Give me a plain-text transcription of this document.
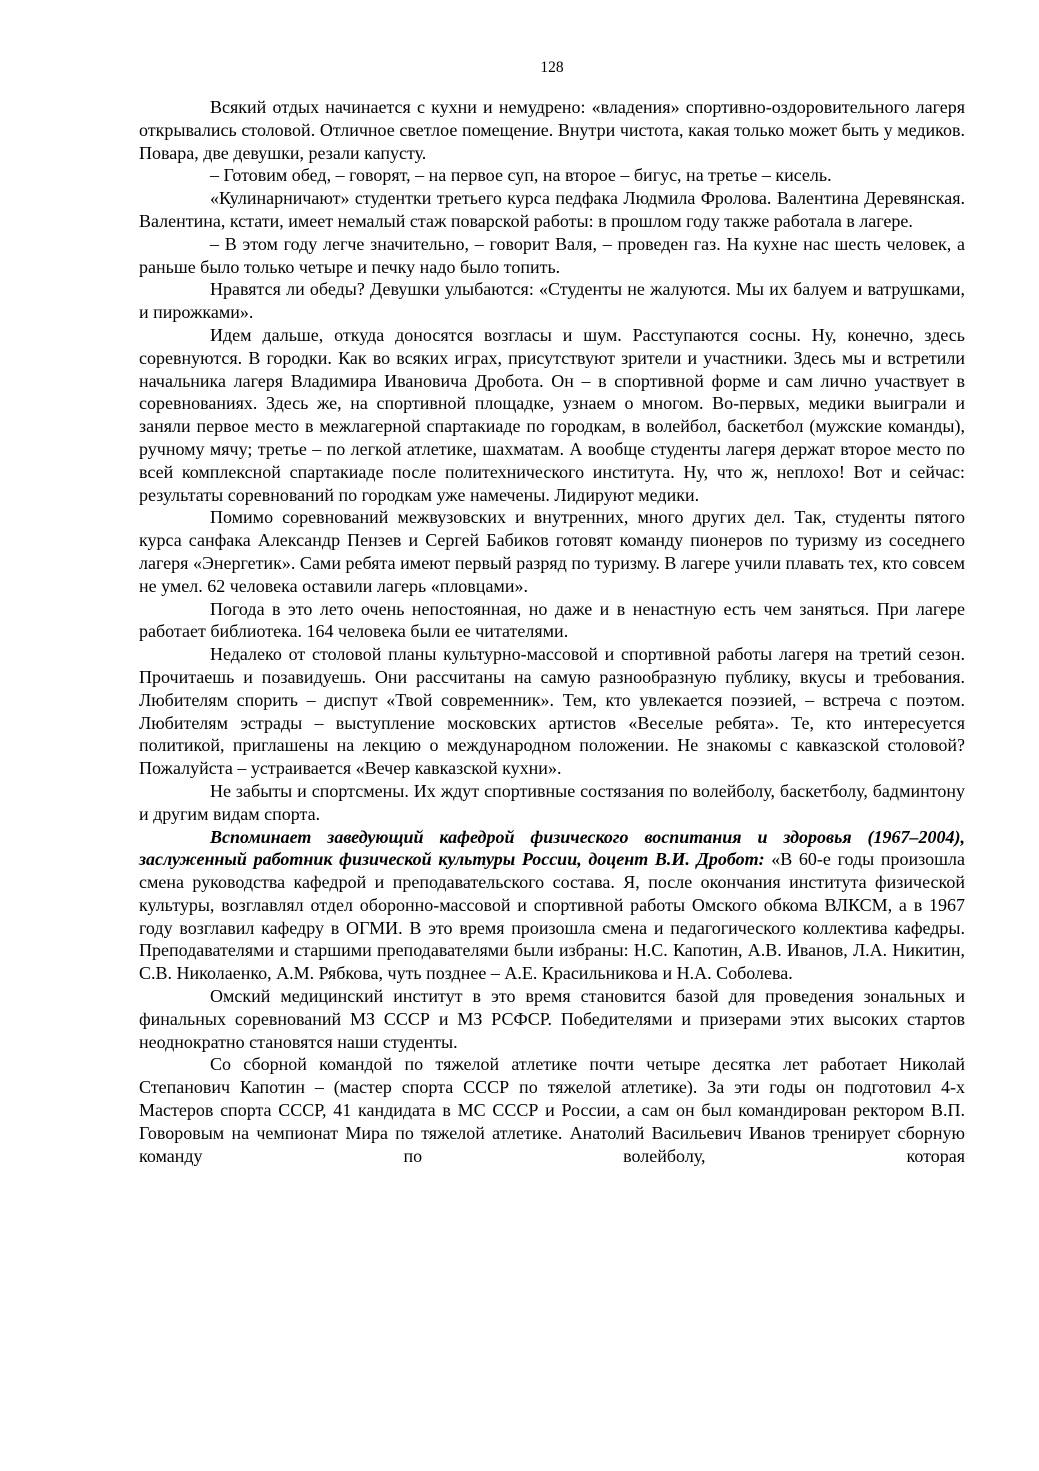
128

Всякий отдых начинается с кухни и немудрено: «владения» спортивно-оздоровительного лагеря открывались столовой. Отличное светлое помещение. Внутри чистота, какая только может быть у медиков. Повара, две девушки, резали капусту.

– Готовим обед, – говорят, – на первое суп, на второе – бигус, на третье – кисель.

«Кулинарничают» студентки третьего курса педфака Людмила Фролова. Валентина Деревянская. Валентина, кстати, имеет немалый стаж поварской работы: в прошлом году также работала в лагере.

– В этом году легче значительно, – говорит Валя, – проведен газ. На кухне нас шесть человек, а раньше было только четыре и печку надо было топить.

Нравятся ли обеды? Девушки улыбаются: «Студенты не жалуются. Мы их балуем и ватрушками, и пирожками».

Идем дальше, откуда доносятся возгласы и шум. Расступаются сосны. Ну, конечно, здесь соревнуются. В городки. Как во всяких играх, присутствуют зрители и участники. Здесь мы и встретили начальника лагеря Владимира Ивановича Дробота. Он – в спортивной форме и сам лично участвует в соревнованиях. Здесь же, на спортивной площадке, узнаем о многом. Во-первых, медики выиграли и заняли первое место в межлагерной спартакиаде по городкам, в волейбол, баскетбол (мужские команды), ручному мячу; третье – по легкой атлетике, шахматам. А вообще студенты лагеря держат второе место по всей комплексной спартакиаде после политехнического института. Ну, что ж, неплохо! Вот и сейчас: результаты соревнований по городкам уже намечены. Лидируют медики.

Помимо соревнований межвузовских и внутренних, много других дел. Так, студенты пятого курса санфака Александр Пензев и Сергей Бабиков готовят команду пионеров по туризму из соседнего лагеря «Энергетик». Сами ребята имеют первый разряд по туризму. В лагере учили плавать тех, кто совсем не умел. 62 человека оставили лагерь «пловцами».

Погода в это лето очень непостоянная, но даже и в ненастную есть чем заняться. При лагере работает библиотека. 164 человека были ее читателями.

Недалеко от столовой планы культурно-массовой и спортивной работы лагеря на третий сезон. Прочитаешь и позавидуешь. Они рассчитаны на самую разнообразную публику, вкусы и требования. Любителям спорить – диспут «Твой современник». Тем, кто увлекается поэзией, – встреча с поэтом. Любителям эстрады – выступление московских артистов «Веселые ребята». Те, кто интересуется политикой, приглашены на лекцию о международном положении. Не знакомы с кавказской столовой? Пожалуйста – устраивается «Вечер кавказской кухни».

Не забыты и спортсмены. Их ждут спортивные состязания по волейболу, баскетболу, бадминтону и другим видам спорта.

Вспоминает заведующий кафедрой физического воспитания и здоровья (1967–2004), заслуженный работник физической культуры России, доцент В.И. Дробот: «В 60-е годы произошла смена руководства кафедрой и преподавательского состава. Я, после окончания института физической культуры, возглавлял отдел оборонно-массовой и спортивной работы Омского обкома ВЛКСМ, а в 1967 году возглавил кафедру в ОГМИ. В это время произошла смена и педагогического коллектива кафедры. Преподавателями и старшими преподавателями были избраны: Н.С. Капотин, А.В. Иванов, Л.А. Никитин, С.В. Николаенко, А.М. Рябкова, чуть позднее – А.Е. Красильникова и Н.А. Соболева.

Омский медицинский институт в это время становится базой для проведения зональных и финальных соревнований МЗ СССР и МЗ РСФСР. Победителями и призерами этих высоких стартов неоднократно становятся наши студенты.

Со сборной командой по тяжелой атлетике почти четыре десятка лет работает Николай Степанович Капотин – (мастер спорта СССР по тяжелой атлетике). За эти годы он подготовил 4-х Мастеров спорта СССР, 41 кандидата в МС СССР и России, а сам он был командирован ректором В.П. Говоровым на чемпионат Мира по тяжелой атлетике. Анатолий Васильевич Иванов тренирует сборную команду по волейболу, которая
